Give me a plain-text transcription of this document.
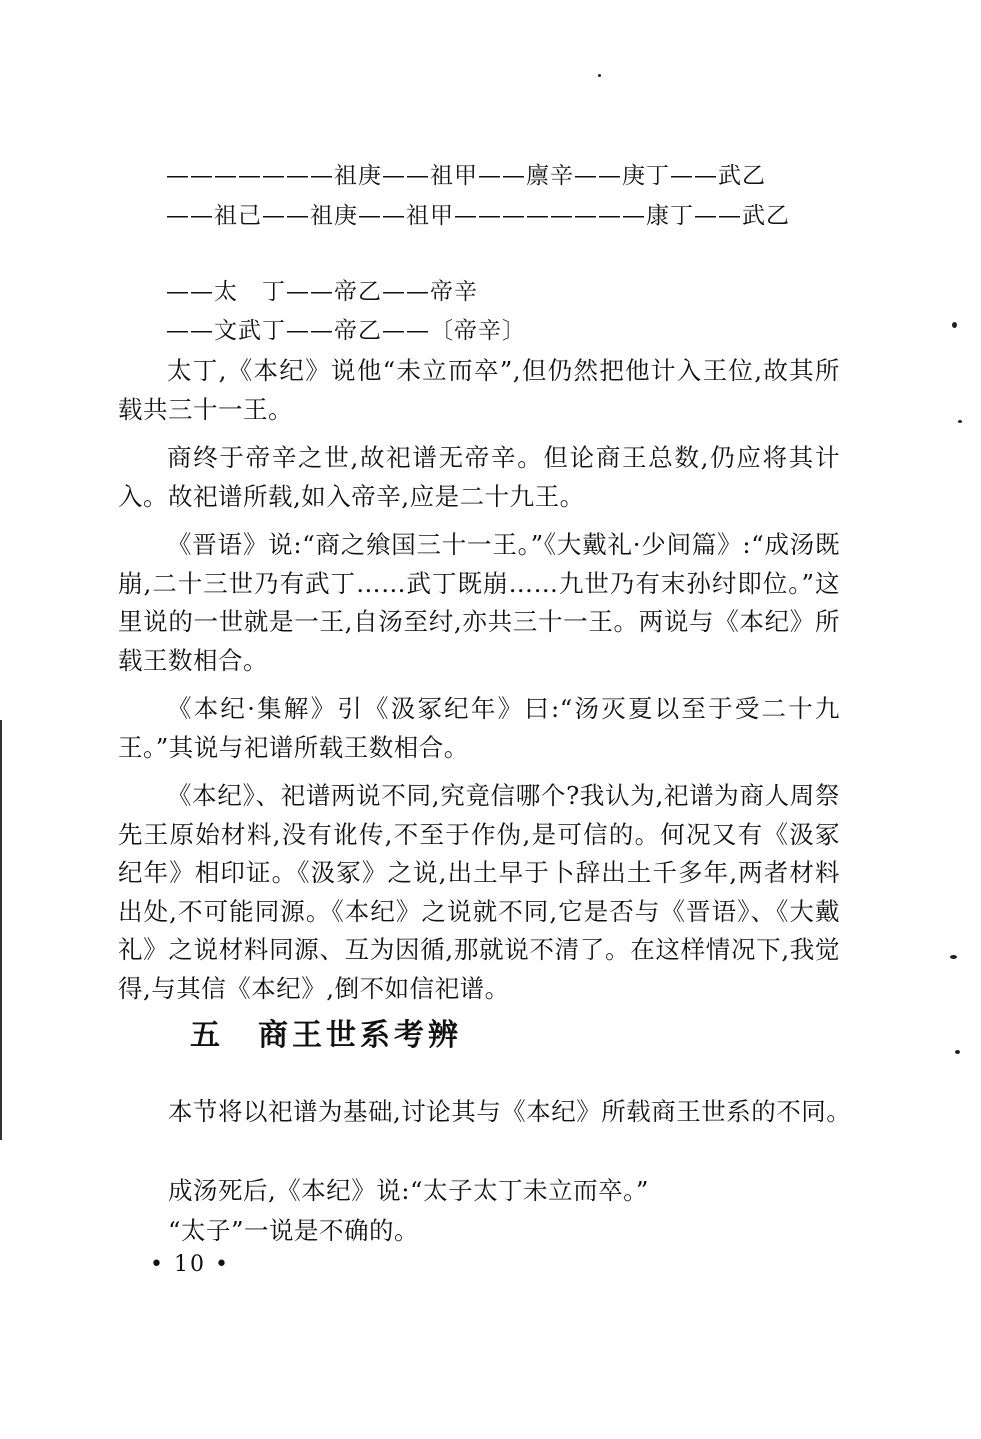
———————祖庚——祖甲——廪辛——庚丁——武乙
——祖己——祖庚——祖甲————————康丁——武乙
——太　丁——帝乙——帝辛
——文武丁——帝乙——〔帝辛〕

太丁,《本纪》说他“未立而卒”,但仍然把他计入王位,故其所载共三十一王。

商终于帝辛之世,故祀谱无帝辛。但论商王总数,仍应将其计入。故祀谱所载,如入帝辛,应是二十九王。

《晋语》说:“商之飨国三十一王。”《大戴礼·少间篇》:“成汤既崩,二十三世乃有武丁……武丁既崩……九世乃有末孙纣即位。”这里说的一世就是一王,自汤至纣,亦共三十一王。两说与《本纪》所载王数相合。

《本纪·集解》引《汲冢纪年》曰:“汤灭夏以至于受二十九王。”其说与祀谱所载王数相合。

《本纪》、祀谱两说不同,究竟信哪个?我认为,祀谱为商人周祭先王原始材料,没有讹传,不至于作伪,是可信的。何况又有《汲冢纪年》相印证。《汲冢》之说,出土早于卜辞出土千多年,两者材料出处,不可能同源。《本纪》之说就不同,它是否与《晋语》、《大戴礼》之说材料同源、互为因循,那就说不清了。在这样情况下,我觉得,与其信《本纪》,倒不如信祀谱。

五 商王世系考辨
本节将以祀谱为基础,讨论其与《本纪》所载商王世系的不同。
成汤死后,《本纪》说:“太子太丁未立而卒。”
“太子”一说是不确的。
• 10 •
